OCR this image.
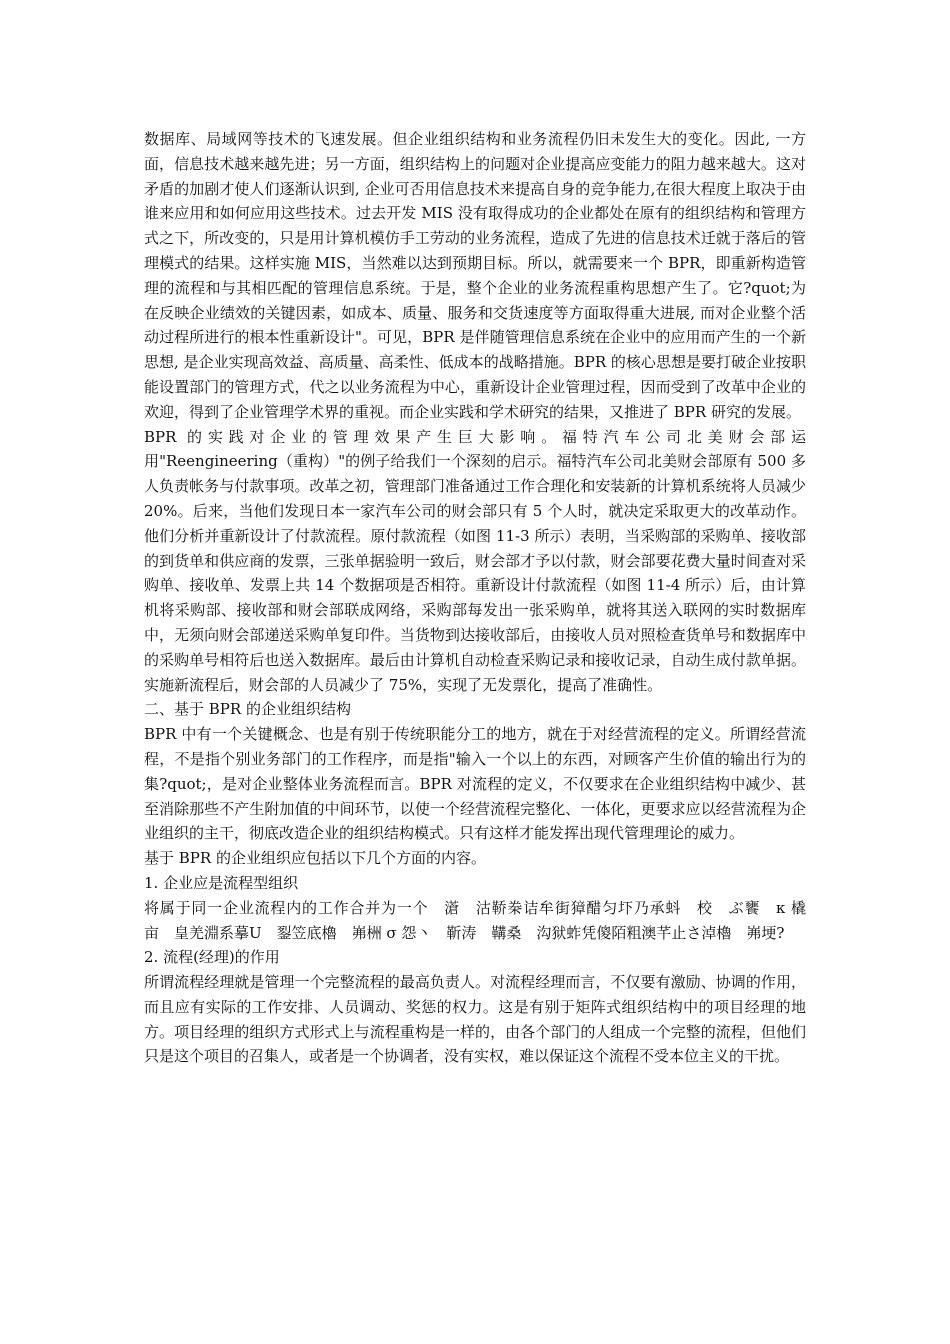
数据库、局域网等技术的飞速发展。但企业组织结构和业务流程仍旧未发生大的变化。因此, 一方面，信息技术越来越先进；另一方面，组织结构上的问题对企业提高应变能力的阻力越来越大。这对矛盾的加剧才使人们逐渐认识到, 企业可否用信息技术来提高自身的竞争能力,在很大程度上取决于由谁来应用和如何应用这些技术。过去开发 MIS 没有取得成功的企业都处在原有的组织结构和管理方式之下，所改变的，只是用计算机模仿手工劳动的业务流程，造成了先进的信息技术迁就于落后的管理模式的结果。这样实施 MIS，当然难以达到预期目标。所以，就需要来一个 BPR，即重新构造管理的流程和与其相匹配的管理信息系统。于是，整个企业的业务流程重构思想产生了。它?quot;为在反映企业绩效的关键因素，如成本、质量、服务和交货速度等方面取得重大进展, 而对企业整个活动过程所进行的根本性重新设计"。可见，BPR 是伴随管理信息系统在企业中的应用而产生的一个新思想, 是企业实现高效益、高质量、高柔性、低成本的战略措施。BPR 的核心思想是要打破企业按职能设置部门的管理方式，代之以业务流程为中心，重新设计企业管理过程，因而受到了改革中企业的欢迎，得到了企业管理学术界的重视。而企业实践和学术研究的结果，又推进了 BPR 研究的发展。

BPR 的实践对企业的管理效果产生巨大影响。福特汽车公司北美财会部运

用"Reengineering（重构）"的例子给我们一个深刻的启示。福特汽车公司北美财会部原有 500 多人负责帐务与付款事项。改革之初，管理部门准备通过工作合理化和安装新的计算机系统将人员减少 20%。后来，当他们发现日本一家汽车公司的财会部只有 5 个人时，就决定采取更大的改革动作。他们分析并重新设计了付款流程。原付款流程（如图 11-3 所示）表明，当采购部的采购单、接收部的到货单和供应商的发票，三张单据验明一致后，财会部才予以付款，财会部要花费大量时间查对采购单、接收单、发票上共 14 个数据项是否相符。重新设计付款流程（如图 11-4 所示）后，由计算机将采购部、接收部和财会部联成网络，采购部每发出一张采购单，就将其送入联网的实时数据库中，无须向财会部递送采购单复印件。当货物到达接收部后，由接收人员对照检查货单号和数据库中的采购单号相符后也送入数据库。最后由计算机自动检查采购记录和接收记录，自动生成付款单据。实施新流程后，财会部的人员减少了 75%，实现了无发票化，提高了准确性。

二、基于 BPR 的企业组织结构

BPR 中有一个关键概念、也是有别于传统职能分工的地方，就在于对经营流程的定义。所谓经营流程，不是指个别业务部门的工作程序，而是指"输入一个以上的东西，对顾客产生价值的输出行为的集?quot;，是对企业整体业务流程而言。BPR 对流程的定义，不仅要求在企业组织结构中减少、甚至消除那些不产生附加值的中间环节，以使一个经营流程完整化、一体化，更要求应以经营流程为企业组织的主干，彻底改造企业的组织结构模式。只有这样才能发挥出现代管理理论的威力。

基于 BPR 的企业组织应包括以下几个方面的内容。

1. 企业应是流程型组织

将属于同一企业流程内的工作合并为一个　濸　沽鞒桊诘牟街獐醋匀圷乃承蚪　校　ぶ饔　κ 橇　　亩　皇羌淵系摹U　銐笠底櫓　岪栦 σ 怨丶　靳涛　鞲桑　沟狱蚱凭傻陌粗澳芊止さ淖櫓　岪埂?

2. 流程(经理)的作用

所谓流程经理就是管理一个完整流程的最高负责人。对流程经理而言，不仅要有激励、协调的作用，而且应有实际的工作安排、人员调动、奖惩的权力。这是有别于矩阵式组织结构中的项目经理的地方。项目经理的组织方式形式上与流程重构是一样的，由各个部门的人组成一个完整的流程，但他们只是这个项目的召集人，或者是一个协调者，没有实权，难以保证这个流程不受本位主义的干扰。
